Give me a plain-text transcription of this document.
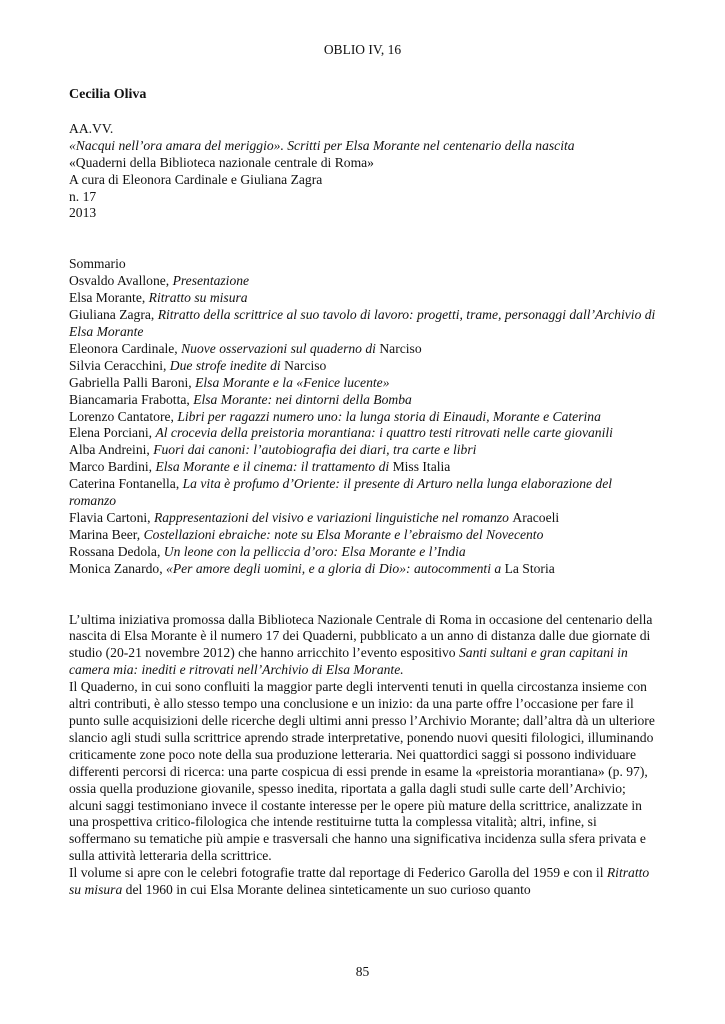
OBLIO IV, 16
Cecilia Oliva
AA.VV.
«Nacqui nell’ora amara del meriggio». Scritti per Elsa Morante nel centenario della nascita
«Quaderni della Biblioteca nazionale centrale di Roma»
A cura di Eleonora Cardinale e Giuliana Zagra
n. 17
2013
Sommario
Osvaldo Avallone, Presentazione
Elsa Morante, Ritratto su misura
Giuliana Zagra, Ritratto della scrittrice al suo tavolo di lavoro: progetti, trame, personaggi dall’Archivio di Elsa Morante
Eleonora Cardinale, Nuove osservazioni sul quaderno di Narciso
Silvia Ceracchini, Due strofe inedite di Narciso
Gabriella Palli Baroni, Elsa Morante e la «Fenice lucente»
Biancamaria Frabotta, Elsa Morante: nei dintorni della Bomba
Lorenzo Cantatore, Libri per ragazzi numero uno: la lunga storia di Einaudi, Morante e Caterina
Elena Porciani, Al crocevia della preistoria morantiana: i quattro testi ritrovati nelle carte giovanili
Alba Andreini, Fuori dai canoni: l’autobiografia dei diari, tra carte e libri
Marco Bardini, Elsa Morante e il cinema: il trattamento di Miss Italia
Caterina Fontanella, La vita è profumo d’Oriente: il presente di Arturo nella lunga elaborazione del romanzo
Flavia Cartoni, Rappresentazioni del visivo e variazioni linguistiche nel romanzo Aracoeli
Marina Beer, Costellazioni ebraiche: note su Elsa Morante e l’ebraismo del Novecento
Rossana Dedola, Un leone con la pelliccia d’oro: Elsa Morante e l’India
Monica Zanardo, «Per amore degli uomini, e a gloria di Dio»: autocommenti a La Storia
L’ultima iniziativa promossa dalla Biblioteca Nazionale Centrale di Roma in occasione del centenario della nascita di Elsa Morante è il numero 17 dei Quaderni, pubblicato a un anno di distanza dalle due giornate di studio (20-21 novembre 2012) che hanno arricchito l’evento espositivo Santi sultani e gran capitani in camera mia: inediti e ritrovati nell’Archivio di Elsa Morante.
Il Quaderno, in cui sono confluiti la maggior parte degli interventi tenuti in quella circostanza insieme con altri contributi, è allo stesso tempo una conclusione e un inizio: da una parte offre l’occasione per fare il punto sulle acquisizioni delle ricerche degli ultimi anni presso l’Archivio Morante; dall’altra dà un ulteriore slancio agli studi sulla scrittrice aprendo strade interpretative, ponendo nuovi quesiti filologici, illuminando criticamente zone poco note della sua produzione letteraria. Nei quattordici saggi si possono individuare differenti percorsi di ricerca: una parte cospicua di essi prende in esame la «preistoria morantiana» (p. 97), ossia quella produzione giovanile, spesso inedita, riportata a galla dagli studi sulle carte dell’Archivio; alcuni saggi testimoniano invece il costante interesse per le opere più mature della scrittrice, analizzate in una prospettiva critico-filologica che intende restituirne tutta la complessa vitalità; altri, infine, si soffermano su tematiche più ampie e trasversali che hanno una significativa incidenza sulla sfera privata e sulla attività letteraria della scrittrice.
Il volume si apre con le celebri fotografie tratte dal reportage di Federico Garolla del 1959 e con il Ritratto su misura del 1960 in cui Elsa Morante delinea sinteticamente un suo curioso quanto
85
